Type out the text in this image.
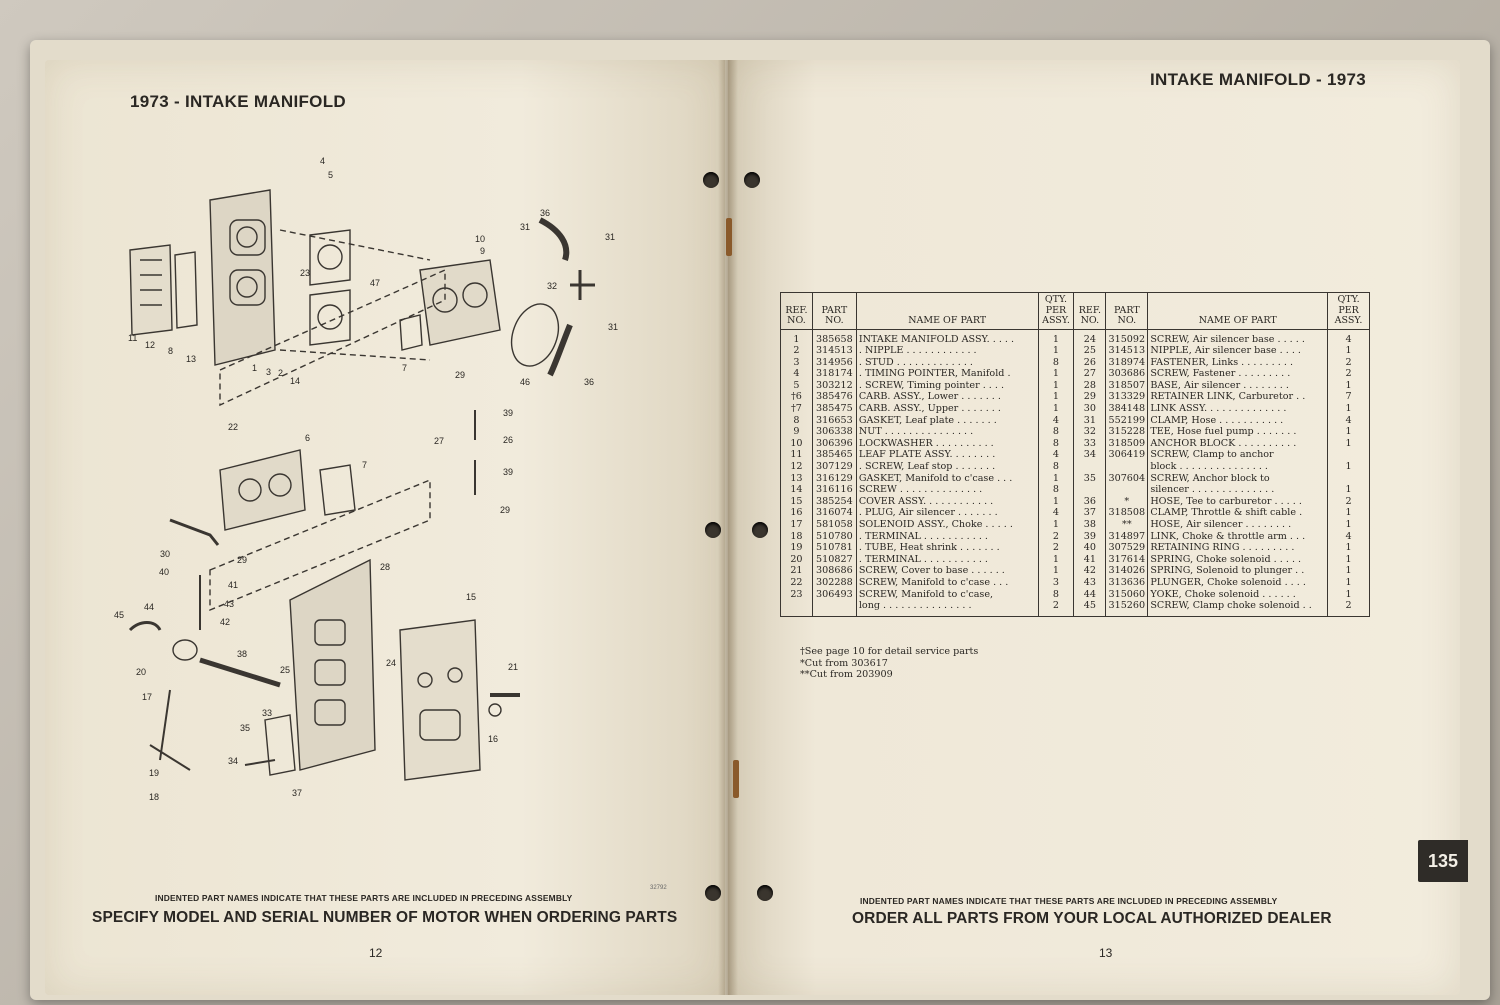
1973 - INTAKE MANIFOLD
INTAKE MANIFOLD - 1973
4
5
36
31
31
10
9
23
47	32
31
46	36
11
12
8
13
1 3 2
14
7
22
29
39
27	26
39
29
6
7
30
29
28
15
40
41
43
42
45
44
20
17
38
25
24	21
16
33
35
34
19
18	37
REF. NO.	PART NO.	NAME OF PART	QTY. PER ASSY.	REF. NO.	PART NO.	NAME OF PART	QTY. PER ASSY.
1	385658	INTAKE MANIFOLD ASSY. . . . .	1	24	315092	SCREW, Air silencer base . . . . .	4
2	314513	. NIPPLE . . . . . . . . . . . .	1	25	314513	NIPPLE, Air silencer base . . . .	1
3	314956	. STUD . . . . . . . . . . . . .	8	26	318974	FASTENER, Links . . . . . . . . .	2
4	318174	. TIMING POINTER, Manifold .	1	27	303686	SCREW, Fastener . . . . . . . . .	2
5	303212	. SCREW, Timing pointer . . . .	1	28	318507	BASE, Air silencer . . . . . . . .	1
†6	385476	CARB. ASSY., Lower . . . . . . .	1	29	313329	RETAINER LINK, Carburetor . .	7
†7	385475	CARB. ASSY., Upper . . . . . . .	1	30	384148	LINK ASSY. . . . . . . . . . . . . .	1
8	316653	GASKET, Leaf plate . . . . . . .	4	31	552199	CLAMP, Hose . . . . . . . . . . .	4
9	306338	NUT . . . . . . . . . . . . . . .	8	32	315228	TEE, Hose fuel pump . . . . . . .	1
10	306396	LOCKWASHER . . . . . . . . . .	8	33	318509	ANCHOR BLOCK . . . . . . . . . .	1
11	385465	LEAF PLATE ASSY. . . . . . . .	4	34	306419	SCREW, Clamp to anchor	
12	307129	. SCREW, Leaf stop . . . . . . .	8			block . . . . . . . . . . . . . . .	1
13	316129	GASKET, Manifold to c'case . . .	1	35	307604	SCREW, Anchor block to	
14	316116	SCREW . . . . . . . . . . . . . .	8			silencer . . . . . . . . . . . . . .	1
15	385254	COVER ASSY. . . . . . . . . . . .	1	36	*	HOSE, Tee to carburetor . . . . .	2
16	316074	. PLUG, Air silencer . . . . . . .	4	37	318508	CLAMP, Throttle & shift cable .	1
17	581058	SOLENOID ASSY., Choke . . . . .	1	38	**	HOSE, Air silencer . . . . . . . .	1
18	510780	. TERMINAL . . . . . . . . . . .	2	39	314897	LINK, Choke & throttle arm . . .	4
19	510781	. TUBE, Heat shrink . . . . . . .	2	40	307529	RETAINING RING . . . . . . . . .	1
20	510827	. TERMINAL . . . . . . . . . . .	1	41	317614	SPRING, Choke solenoid . . . . .	1
21	308686	SCREW, Cover to base . . . . . .	1	42	314026	SPRING, Solenoid to plunger . .	1
22	302288	SCREW, Manifold to c'case . . .	3	43	313636	PLUNGER, Choke solenoid . . . .	1
23	306493	SCREW, Manifold to c'case,	8	44	315060	YOKE, Choke solenoid . . . . . .	1
		long . . . . . . . . . . . . . . .	2	45	315260	SCREW, Clamp choke solenoid . .	2
†See page 10 for detail service parts
*Cut from 303617
**Cut from 203909
135
32792
INDENTED PART NAMES INDICATE THAT THESE PARTS ARE INCLUDED IN PRECEDING ASSEMBLY
SPECIFY MODEL AND SERIAL NUMBER OF MOTOR WHEN ORDERING PARTS
12
INDENTED PART NAMES INDICATE THAT THESE PARTS ARE INCLUDED IN PRECEDING ASSEMBLY
ORDER ALL PARTS FROM YOUR LOCAL AUTHORIZED DEALER
13
